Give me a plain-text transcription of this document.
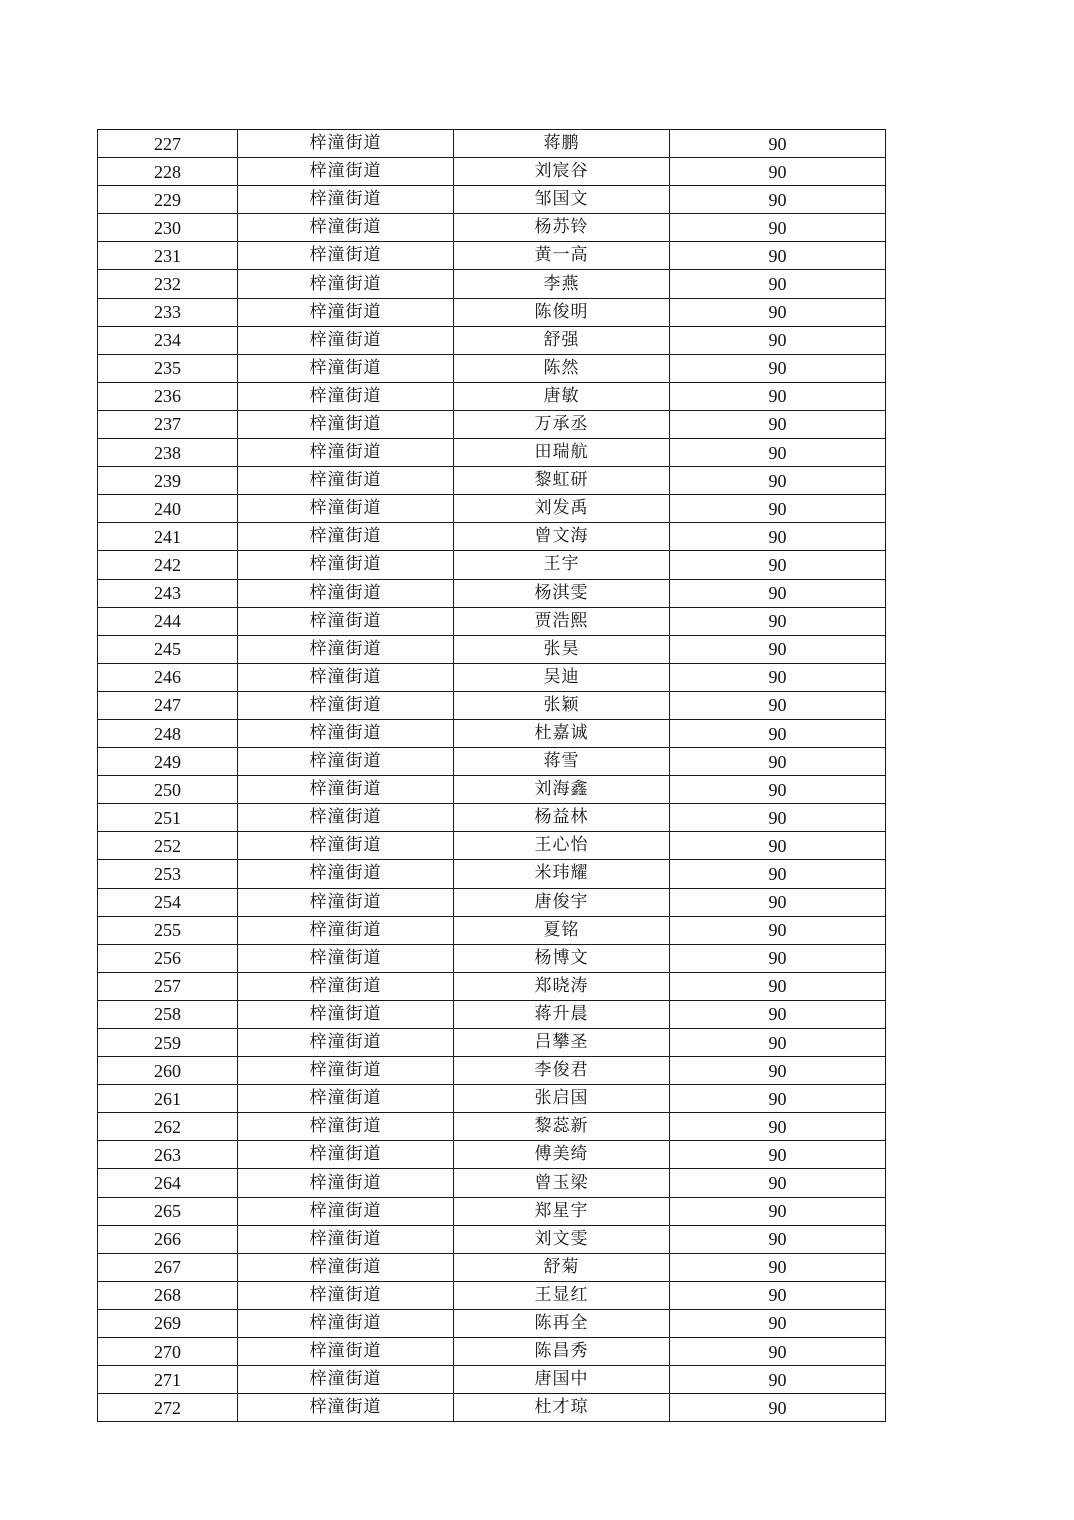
227	梓潼街道	蒋鹏	90
228	梓潼街道	刘宸谷	90
229	梓潼街道	邹国文	90
230	梓潼街道	杨苏铃	90
231	梓潼街道	黄一高	90
232	梓潼街道	李燕	90
233	梓潼街道	陈俊明	90
234	梓潼街道	舒强	90
235	梓潼街道	陈然	90
236	梓潼街道	唐敏	90
237	梓潼街道	万承丞	90
238	梓潼街道	田瑞航	90
239	梓潼街道	黎虹研	90
240	梓潼街道	刘发禹	90
241	梓潼街道	曾文海	90
242	梓潼街道	王宇	90
243	梓潼街道	杨淇雯	90
244	梓潼街道	贾浩熙	90
245	梓潼街道	张昊	90
246	梓潼街道	吴迪	90
247	梓潼街道	张颖	90
248	梓潼街道	杜嘉诚	90
249	梓潼街道	蒋雪	90
250	梓潼街道	刘海鑫	90
251	梓潼街道	杨益林	90
252	梓潼街道	王心怡	90
253	梓潼街道	米玮耀	90
254	梓潼街道	唐俊宇	90
255	梓潼街道	夏铭	90
256	梓潼街道	杨博文	90
257	梓潼街道	郑晓涛	90
258	梓潼街道	蒋升晨	90
259	梓潼街道	吕攀圣	90
260	梓潼街道	李俊君	90
261	梓潼街道	张启国	90
262	梓潼街道	黎蕊新	90
263	梓潼街道	傅美绮	90
264	梓潼街道	曾玉梁	90
265	梓潼街道	郑星宇	90
266	梓潼街道	刘文雯	90
267	梓潼街道	舒菊	90
268	梓潼街道	王显红	90
269	梓潼街道	陈再全	90
270	梓潼街道	陈昌秀	90
271	梓潼街道	唐国中	90
272	梓潼街道	杜才琼	90
